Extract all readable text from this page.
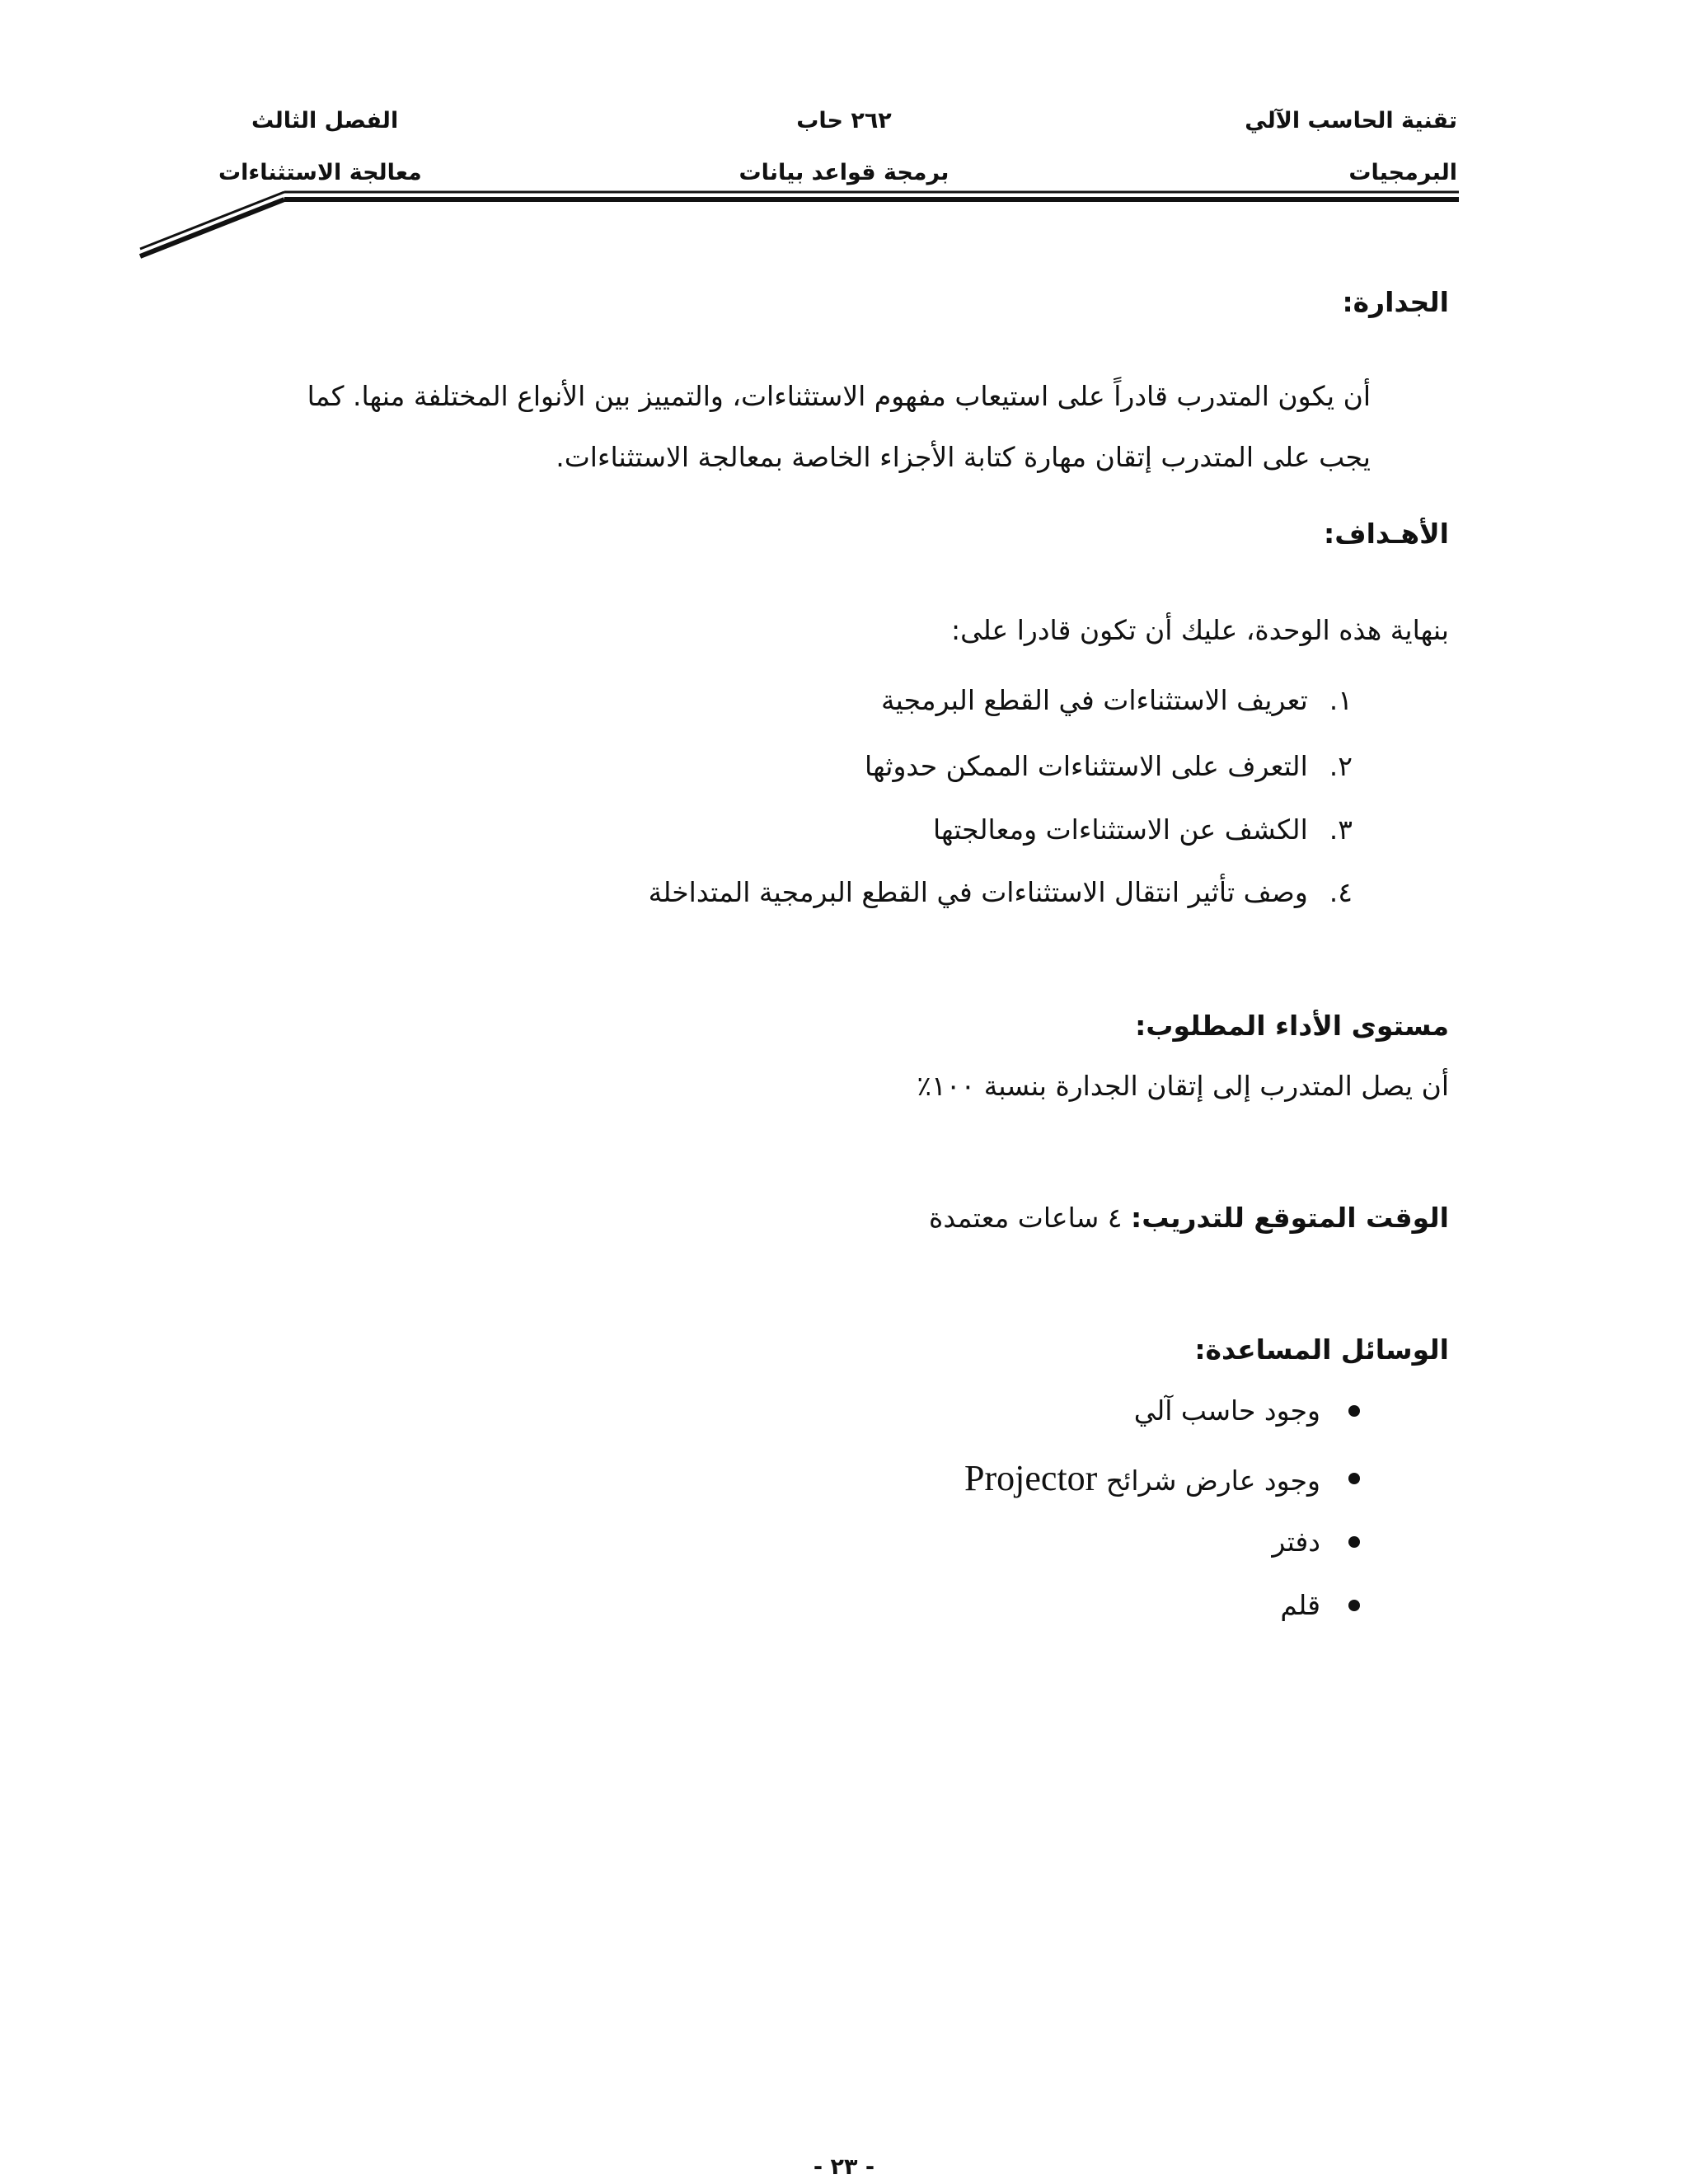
تقنية الحاسب الآلي
البرمجيات
٢٦٢ حاب
برمجة قواعد بيانات
الفصل الثالث
معالجة الاستثناءات
الجدارة:
أن يكون المتدرب قادراً على استيعاب مفهوم الاستثناءات، والتمييز بين الأنواع المختلفة منها. كما
يجب على المتدرب إتقان مهارة كتابة الأجزاء الخاصة بمعالجة الاستثناءات.
الأهـداف:
بنهاية هذه الوحدة، عليك أن تكون قادرا على:
١.
تعريف الاستثناءات في القطع البرمجية
٢.
التعرف على الاستثناءات الممكن حدوثها
٣.
الكشف عن الاستثناءات ومعالجتها
٤.
وصف تأثير انتقال الاستثناءات في القطع البرمجية المتداخلة
مستوى الأداء المطلوب:
أن يصل المتدرب إلى إتقان الجدارة بنسبة ١٠٠٪
الوقت المتوقع للتدريب: ٤ ساعات معتمدة
الوسائل المساعدة:
وجود حاسب آلي
وجود عارض شرائح Projector
دفتر
قلم
- ٢٣ -
